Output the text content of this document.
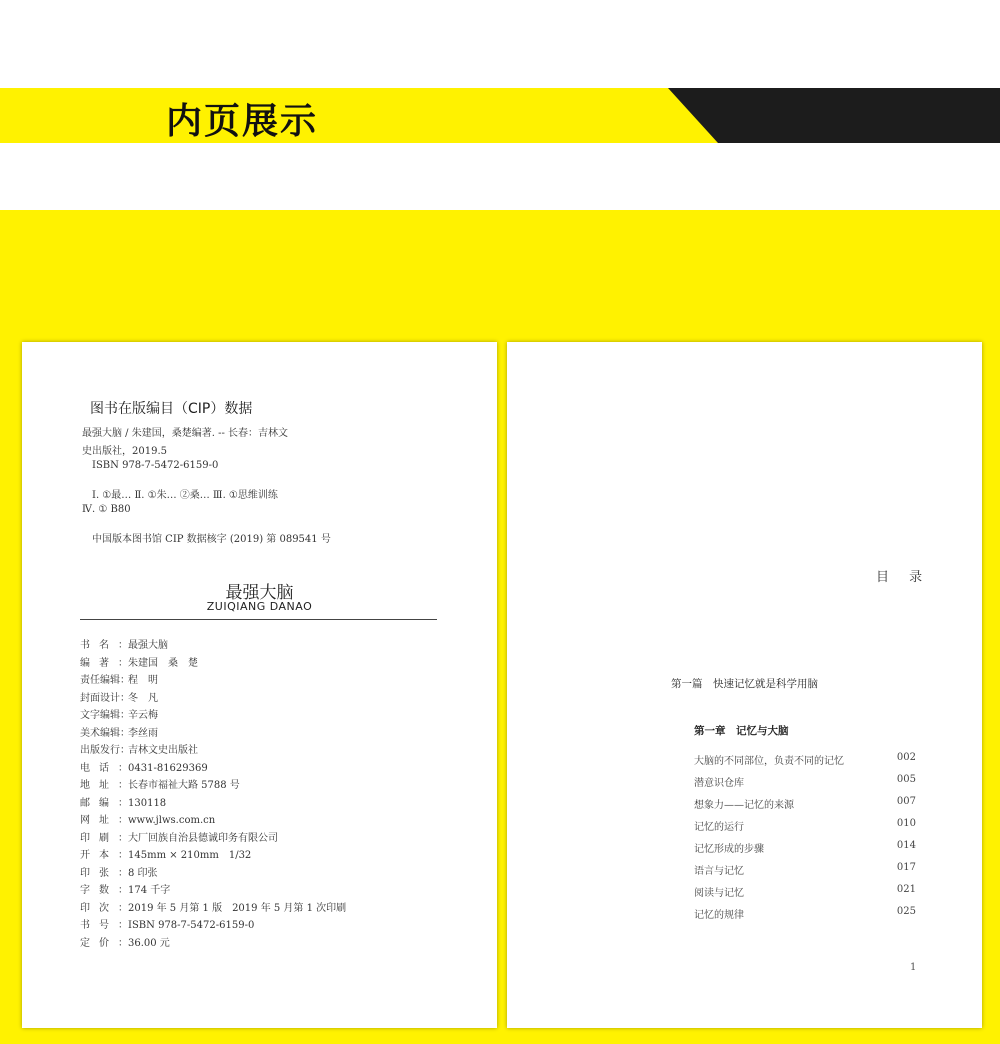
内页展示
图书在版编目（CIP）数据
最强大脑 / 朱建国，桑楚编著. -- 长春：吉林文
史出版社，2019.5
ISBN 978-7-5472-6159-0
Ⅰ. ①最… Ⅱ. ①朱… ②桑… Ⅲ. ①思维训练
Ⅳ. ① B80
中国版本图书馆 CIP 数据核字 (2019) 第 089541 号
最强大脑
ZUIQIANG DANAO
书名：最强大脑
编著：朱建国　桑　楚
责任编辑：程　明
封面设计：冬　凡
文字编辑：辛云梅
美术编辑：李丝雨
出版发行：吉林文史出版社
电话：0431-81629369
地址：长春市福祉大路 5788 号
邮编：130118
网址：www.jlws.com.cn
印刷：大厂回族自治县德诚印务有限公司
开本：145mm × 210mm　1/32
印张：8 印张
字数：174 千字
印次：2019 年 5 月第 1 版　2019 年 5 月第 1 次印刷
书号：ISBN 978-7-5472-6159-0
定价：36.00 元
目 录
第一篇　快速记忆就是科学用脑
第一章　记忆与大脑
大脑的不同部位，负责不同的记忆	002
潜意识仓库	005
想象力——记忆的来源	007
记忆的运行	010
记忆形成的步骤	014
语言与记忆	017
阅读与记忆	021
记忆的规律	025
1
